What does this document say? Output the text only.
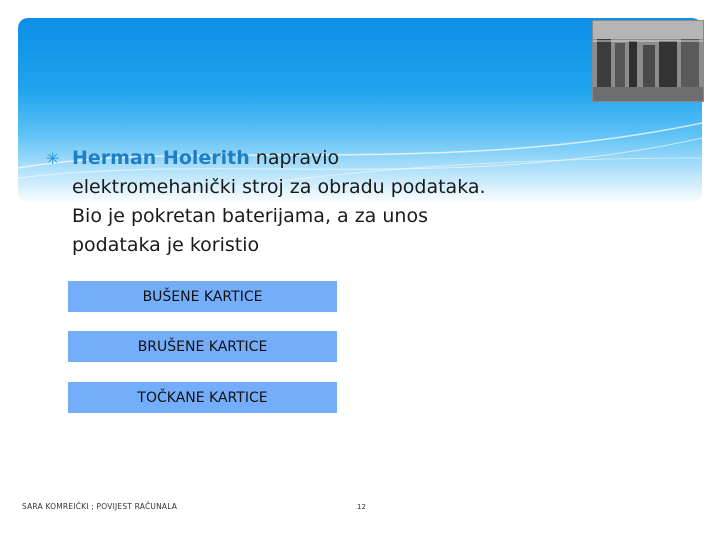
✳ Herman Holerith napravio
elektromehanički stroj za obradu podataka.
Bio je pokretan baterijama, a za unos
podataka je koristio
BUŠENE KARTICE
BRUŠENE KARTICE
TOČKANE KARTICE
SARA KOMREIČKI ; POVIJEST RAČUNALA	12
